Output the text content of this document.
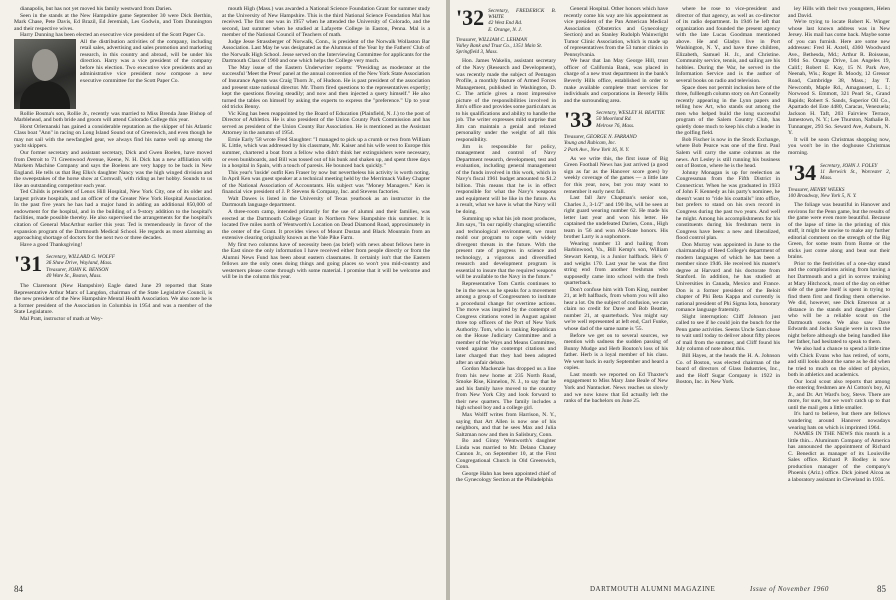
dianapolis, but has not yet moved his family westward from Darien.

Seen in the stands at the New Hampshire game September 30 were Dick Berthin, Mark Chase, Pete Davis, Ed Brazil, Ed Jeremiah, Les Godwin, and Tom Dunnington and their respective wives.

Harry Dunning has been elected an executive vice president of the Scott Paper Co.

All the distribution activities of the company, including retail sales, advertising and sales promotion and marketing research, in this country and abroad, will be under his direction. Harry was a vice president of the company before his election. Two executive vice presidents and an administrative vice president now compose a new executive committee for the Scott Paper Co.

Rollie Bosma's son, Rollie Jr., recently was married to Miss Brenda Jane Bishop of Marblehead, and both bride and groom will attend Colorado College this year.

Horst Orlemanski has gained a considerable reputation as the skipper of his Atlantic Class boat "Ann" in racing on Long Island Sound out of Greenwich, and even though he may not sail with the newfangled gear, we always find his name well up among the yacht skippers.

Our former secretary and assistant secretary, Dick and Gwen Boelen, have moved from Detroit to 71 Greenwood Avenue, Keene, N. H. Dick has a new affiliation with Markem Machine Company and says the Boelens are very happy to be back in New England. He tells us that Reg Elks's daughter Nancy was the high winged division and the sweepstakes of the horse show at Cornwall, with riding as her hobby. Sounds to us like an outstanding competitor each year.

Ted Childs is president of Lenox Hill Hospital, New York City, one of its older and largest private hospitals, and an officer of the Greater New York Hospital Association. In the past five years he has had a major hand in adding an additional 850,000 of endowment for the hospital, and in the building of a 9-story addition to the hospital's facilities, made possible thereby. He also supervised the arrangements for the hospital's citation of General MacArthur earlier this year. Ted is tremendously in favor of the expansion program of the Dartmouth Medical School. He regards as most alarming an approaching shortage of doctors for the next two or three decades.

Have a good Thanksgiving!

'31 Secretary, WILLARD G. WOLFF
36 Shaw Drive, Wayland, Mass.
Treasurer, JOHN K. BENSON
40 Ware St., Boston, Mass.

The Claremont (New Hampshire) Eagle dated June 29 reported that State Representative Arthur Marx of Langdon, chairman of the State Legislative Council, is the new president of the New Hampshire Mental Health Association. We also note he is a former president of the Association in Columbia in 1954 and was a member of the State Legislature.

Mal Pratt, instructor of math at Wey-

mouth High (Mass.) was awarded a National Science Foundation Grant for summer study at the University of New Hampshire. This is the third National Science Foundation Mal has received. The first one was in 1957 when he attended the University of Colorado, and the second, last summer when he studied at Lafayette College in Easton, Penna. Mal is a member of the National Council of Teachers of math.

Judge Jesse Strassberger of Norwalk, Conn., is president of the Norwalk Wollaston Bar Association. Last May he was designated as the Alumnus of the Year by the Fathers' Club of the Norwalk High School. Jesse served on the Interviewing Committee for applicants for the Dartmouth Class of 1960 and one which helps the College very much.

The May issue of the Eastern Underwriter reports: "Presiding as moderator at the successful 'Meet the Press' panel at the annual convention of the New York State Association of Insurance Agents was Craig Thorn Jr., of Hudson. He is past president of the association and present state national director. Mr. Thorn fired questions to the representatives expertly; kept the questions flowing steadily; and now and then injected a query himself." He also turned the tables on himself by asking the experts to express the "preference." Up to your old tricks Benny.

Vic King has been reappointed by the Board of Education (Plainfield, N. J.) to the post of Director of Athletics. He is also president of the Union County Park Commission and has served as president of the Union County Bar Association. He is mentioned as the Assistant Attorney in the autumn of 1954.

Ernie Early '58 wrote Fred Slaughter: "I managed to pick up a crumb or two from William K. Little, which was addressed by his classmate, Mr. Kaiser and his wife went to Europe this summer, chartered a boat from a fellow who didn't think her extinguishers were necessary, or even bunkboards, and Bill was tossed out of his bunk and shaken up, and spent three days in a hospital in Spain, with a touch of paresis. He bounced back quickly."

This year's 'inside' outfit Ken Fraser by now but nevertheless his activity is worth noting. In April Ken was guest speaker at a technical meeting held by the Merrimack Valley Chapter of the National Association of Accountants. His subject was "Money Managers." Ken is financial vice president of J. P. Stevens & Company, Inc. and Stevens factories.

Walt Dawes is listed in the University of Texas yearbook as an instructor in the Dartmouth language department.

A three-room camp, intended primarily for the use of alumni and their families, was erected at the Dartmouth College Grant in Northern New Hampshire this summer. It is located five miles north of Wentworth's Location on Dead Diamond Road, approximately in the center of the Grant. It provides views of Mount Dustan and Black Mountain from an extensive clearing originally known as the Vale Pike Farm.

My first two columns have of necessity been (as brief) with news about fellows here in the East since the only information I have received either from people directly or from the Alumni News Fund has been about eastern classmates. It certainly isn't that the Eastern fellows are the only ones doing things and going places so won't you mid-country and westerners please come through with some material. I promise that it will be welcome and will be in the column this year.

84
'32 Secretary, FREDERICK B. WHITE
42 West End Rd.
E. Orange, N. J.
Treasurer, WILLIAM C. LEHMAN
Valley Bank and Trust Co., 1351 Main St.
Springfield 3, Mass.

Hon. James Wakelin, assistant secretary of the Navy (Research and Development), was recently made the subject of Pentagon Profile, a monthly feature of Armed Forces Management, published in Washington, D. C. The article gives a most impressive picture of the responsibilities involved in Jim's office and provides some particulars as to his qualifications and ability to handle the job. The writer expresses mild surprise that Jim can maintain a genial and relaxed personality under the weight of all this responsibility.

Jim is responsible for policy, management and control of Navy Department research, development, test and evaluation, including general management of the funds involved in this work, which in Navy's fiscal 1961 budget amounted to $1.2 billion. This means that he is in effect responsible for what the Navy's weapons and equipment will be like in the future. As a result, what we have is what the Navy will be doing.

Summing up what his job most produces, Jim says, "In our rapidly changing scientific and technological environment, we must mold our program to cope with widely divergent threats in the future. With the present rate of progress in science and technology, a vigorous and diversified research and development program is essential to insure that the required weapons will be available to the Navy in the future."

Representative Tom Curtis continues to be in the news as he speaks for a movement among a group of Congressmen to institute a procedural change for overtime actions. The move was inspired by the contempt of Congress citations voted in August against three top officers of the Port of New York Authority. Tom, who is ranking Republican on the House Judiciary Committee and a member of the Ways and Means Committee, voted against the contempt citations and later charged that they had been adopted after an unfair debate.

Gordon Mackenzie has dropped us a line from his new home at 235 North Road, Smoke Rise, Kinnelon, N. J., to say that he and his family have moved to the country from New York City and look forward to their new quarters. The family includes a high school boy and a college girl.

Max Wolff writes from Harrison, N. Y., saying that Art Allen is now one of his neighbors, and that he sees Max and Julia Saltzman now and then in Salisbury, Conn.

Bo and Ginny Wentworth's daughter Linda was married to Mr. Delano Chaney Cannon Jr., on September 10, at the First Congregational Church in Old Greenwich, Conn.

George Hahn has been appointed chief of the Gynecology Section at the Philadelphia

General Hospital. Other honors which have recently come his way are his appointment as vice president of the Pan American Medical Association (Obstetrics and Gynecology Section) and as Stanley Rudolph Wainwright Tumor Clinic Association, which is made up of representatives from the 53 tumor clinics in Pennsylvania.

We hear that Ian May George Hill, trust officer of California Bank, was placed in charge of a new trust department in the bank's Beverly Hills office, established in order to make available complete trust services for individuals and corporations in Beverly Hills and the surrounding area.

'33 Secretary, WESLEY H. BEATTIE
50 Moorland Rd.
Melrose 76, Mass.
Treasurer, GEORGE N. FARRAND
Young and Rubicam, Inc.
2 Park Ave., New York 16, N. Y.

As we write this, the first issue of Big Green Football News has just arrived (a good sign as far as the Hanover score goes) by weekly coverage of the games — a little late for this year, now, but you may want to remember it early next fall.

Last fall Jarv Chapman's senior son, Charles J., 3-1/2" and 190 lbs, will be seen at right guard wearing number 62. He made his letter last year and won his letter. He captained the undefeated Darien, Conn., High team in '56 and won All-State honors. His brother Larry is a sophomore.

Wearing number 13 and hailing from Harbinwood, Va., Bill Kemp's son, William Stewart Kemp, is a Junior halfback. He's 6' and weighs 170. Last year he was the first string end from another freshman who supposedly came into school with the fresh quarterback.

Don't confuse him with Tom King, number 21, at left halfback, from whom you will also hear a lot. On the subject of confusion, we can claim no credit for Dave and Bob Beattie, number 21, at quarterback. You might say we're well represented at left end, Carl Funke, whose dad of the same name is '55.

Before we get on to several sources, we mention with sadness the sudden passing of Bunny Mudge and Herb Bouton's loss of his father. Herb is a loyal member of his class. We went back in early September and heard a copies.

Last month we reported on Ed Thaxter's engagement to Miss Mary Jane Beale of New York and Nantucket. News reaches us slowly and we now know that Ed actually left the ranks of the bachelors on June 25.

where he rose to vice-president and director of that agency, as well as co-director of its radio department. In 1946 he left that organization and founded the present agency with the late Lucas Goodman mentioned above. He and Gladys live in Port Washington, N. Y., and have three children, Elizabeth, Samuel H. Jr., and Christine. Community service, tennis, and sailing are his hobbies. During the War, he served in the Information Service and is the author of several books on radio and television.

Space does not permit inclusion here of the three, fulllength column story on Art Connelly recently appearing in the Lynn papers and telling how Art, who stands out among the men who helped build the long successful program of the Salem Country Club, has quietly done much to keep his club a leader in the golfing field.

Bob Fischer is now in the Stock Exchange, where Bob Pearce was one of the first. Paul Salem will carry the same columns as the news. Art Lesley is still running his business out of Boston, where he is the head.

Johnny Monagan is up for reelection as Congressman from the Fifth District in Connecticut. When he was graduated in 1933 of John F. Kennedy as his party's nominee, he doesn't want to "ride his coattails" into office, but prefers to stand on his own record in Congress during the past two years. And well he might. Among his accomplishments for his constituents during his freshman term in Congress have been: a new and liberalized, flood control plan.

Don Murray was appointed in June to the chairmanship of Reed College's department of modern languages of which he has been a member since 1946. He received his master's degree at Harvard and his doctorate from Stanford. In addition, he has studied at Universities in Canada, Mexico and France. Don is a former president of the Beloit chapter of Phi Beta Kappa and currently is national president of Phi Sigma Iota, honorary romance language fraternity.

Slight interruption: Cliff Johnson just called to see if he could join the bunch for the Penn game activities. Seems Uncle Sam chose to wait until today to deliver about fifty pieces of mail from the summer, and Cliff found his July column of note about this.

Bill Hayes, at the heads the H. A. Johnson Co. of Boston, was elected chairman of the board of directors of Glass Industries, Inc., and the Hoff Sugar Company is 1922 in Boston, Inc. in New York.

ley Hills with their two youngsters, Helen and David.

We're trying to locate Robert K. Winger whose last known address was in New Jersey. His mail has come back. Maybe some of you can furnish. Here are some new addresses: Fred H. Axtell, 4360 Woodward Ave., Bethesda, Md.; Arthur R. Boisseau, 1904 So. Orange Drive, Los Angeles 19, Calif.; Robert E. Kay, 15 N. Park Ave, Neenah, Wis.; Roger B. Moody, 12 Gressor Road, Cambridge 38, Mass.; Jay T. Newcomb, Maple Rd., Amagansett, L. I.; Norwood S. Emmott, 321 Pearl St., Grand Rapids; Robert S. Sands, Superior Oil Co., Apartado del Este 4480, Caracas, Venezuela; Jackson H. Taft, 203 Fairview Terrace, Jamestown, N. Y.; Lee Thurston, Nathalie B. Tunnanger, 293 So. Seward Ave, Auburn, N. Y.

It will be soon Christmas shopping now, you won't be in the doghouse Christmas morning.

'34 Secretary, JOHN J. FOLEY
11 Berwick St., Worcester 2, Mass.
Treasurer, HENRY WEEKS
100 Broadway, New York 5, N. Y.

The foliage was beautiful in Hanover and environs for the Penn game, but the results of the game were even more beautiful. Because of the lapse of time in the printing of this stuff, it might be unwise to make any further editorial comment on the strength of the Big Green, for some team from Rome or the sticks just come along and beat out their brains.

Prior to the festivities of a one-day stand and the complications arising from having a hot Dartmouth and a girl in sorrow training at Mary Hitchcock, most of the day on either side of the game itself is spent in trying to find them first and finding them otherwise. We did, however, see Dick Emerson at a distance in the stands and daughter Carol who will be a reliable scout on the Dartmouth scene. We also saw Dave Edwards and Jocko Saugie were in town the night before although she being handled like her father, had hesitated to speak to them.

We also had a chance to spend a little time with Chick Evans who has retired, of sorts, and still looks about the same as he did when he tried to much on the oldest of physics, both in athletics and academics.

Our local scout also reports that among the entering freshmen are Al Cotton's boy, Al Jr., and Dr. Art Ward's boy, Steve. There are more, for sure, but we won't catch up to that until the mail gets a little smaller.

It's hard to believe, but there are fellows wandering around Hanover nowadays wearing hats on which is imprinted 1964.

NAMES IN THE NEWS this month is a little thin... Aluminum Company of America has announced the appointment of Richard C. Benedict as manager of its Louisville Sales office. Richard P. Bodley is now production manager of the company's Phoenix (Ariz.) office. Dick joined Alcoa as a laboratory assistant in Cleveland in 1935.

DARTMOUTH ALUMNI MAGAZINE	Issue of November 1960	85
